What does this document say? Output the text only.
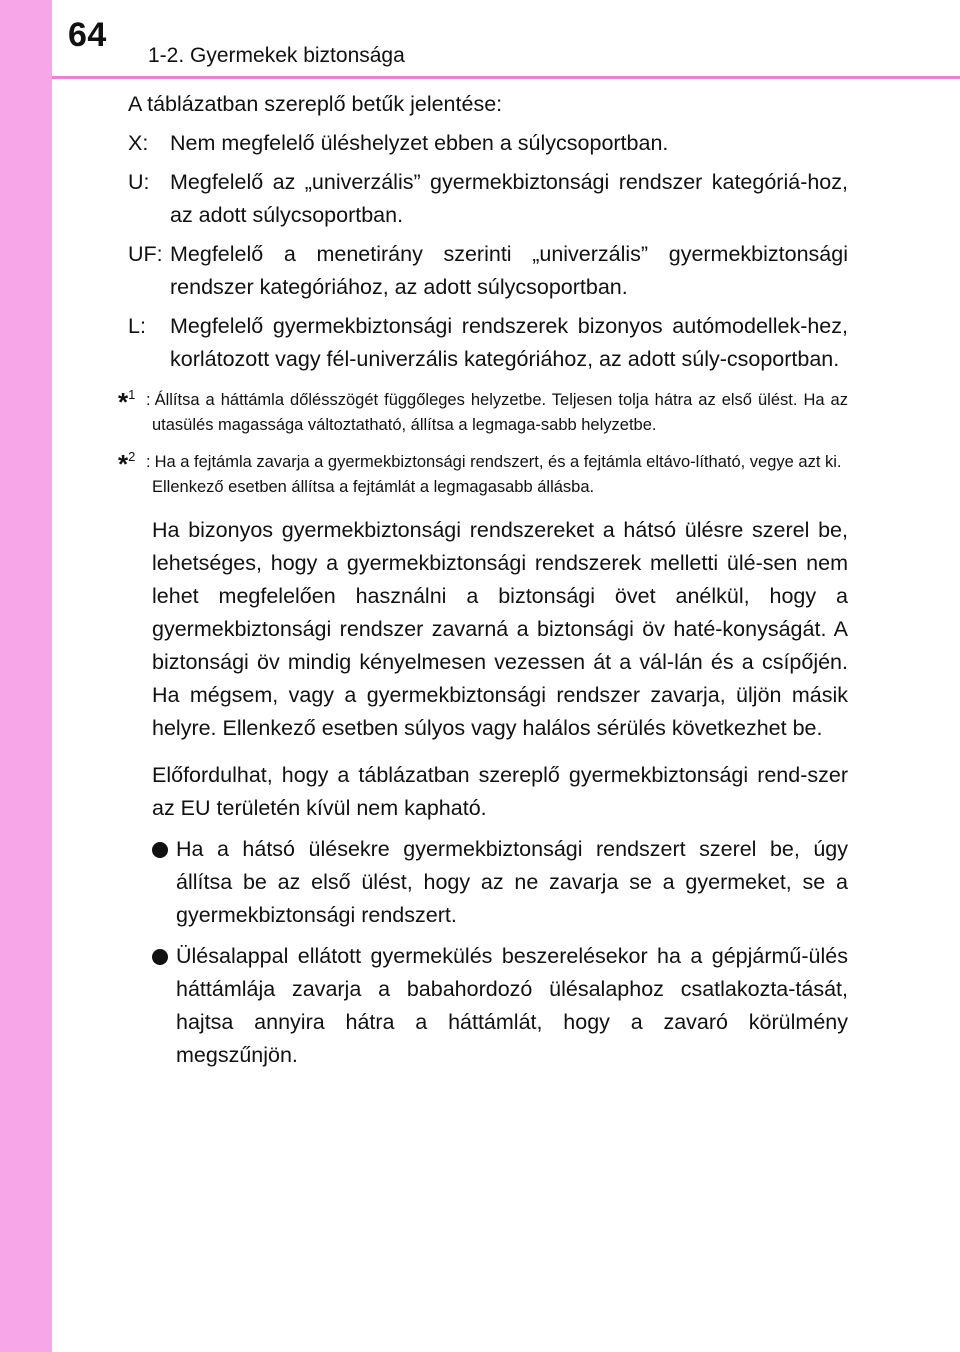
64
1-2. Gyermekek biztonsága

A táblázatban szereplő betűk jelentése:

X:	Nem megfelelő üléshelyzet ebben a súlycsoportban.
U: Megfelelő az „univerzális” gyermekbiztonsági rendszer kategóriá-hoz, az adott súlycsoportban.
UF: Megfelelő a menetirány szerinti „univerzális” gyermekbiztonsági rendszer kategóriához, az adott súlycsoportban.
L:	Megfelelő gyermekbiztonsági rendszerek bizonyos autómodellek-hez, korlátozott vagy fél-univerzális kategóriához, az adott súly-csoportban.
*$^1$ : Állítsa a háttámla dőlésszögét függőleges helyzetbe. Teljesen tolja hátra az első ülést. Ha az utasülés magassága változtatható, állítsa a legmaga-sabb helyzetbe.
*$^2$ : Ha a fejtámla zavarja a gyermekbiztonsági rendszert, és a fejtámla eltávo-lítható, vegye azt ki.
Ellenkező esetben állítsa a fejtámlát a legmagasabb állásba.

Ha bizonyos gyermekbiztonsági rendszereket a hátsó ülésre szerel be, lehetséges, hogy a gyermekbiztonsági rendszerek melletti ülé-sen nem lehet megfelelően használni a biztonsági övet anélkül, hogy a gyermekbiztonsági rendszer zavarná a biztonsági öv haté-konyságát. A biztonsági öv mindig kényelmesen vezessen át a vál-lán és a csípőjén. Ha mégsem, vagy a gyermekbiztonsági rendszer zavarja, üljön másik helyre. Ellenkező esetben súlyos vagy halálos sérülés következhet be.

Előfordulhat, hogy a táblázatban szereplő gyermekbiztonsági rend-szer az EU területén kívül nem kapható.

Ha a hátsó ülésekre gyermekbiztonsági rendszert szerel be, úgy állítsa be az első ülést, hogy az ne zavarja se a gyermeket, se a gyermekbiztonsági rendszert.
Ülésalappal ellátott gyermekülés beszerelésekor ha a gépjármű-ülés háttámlája zavarja a babahordozó ülésalaphoz csatlakozta-tását, hajtsa annyira hátra a háttámlát, hogy a zavaró körülmény megszűnjön.
